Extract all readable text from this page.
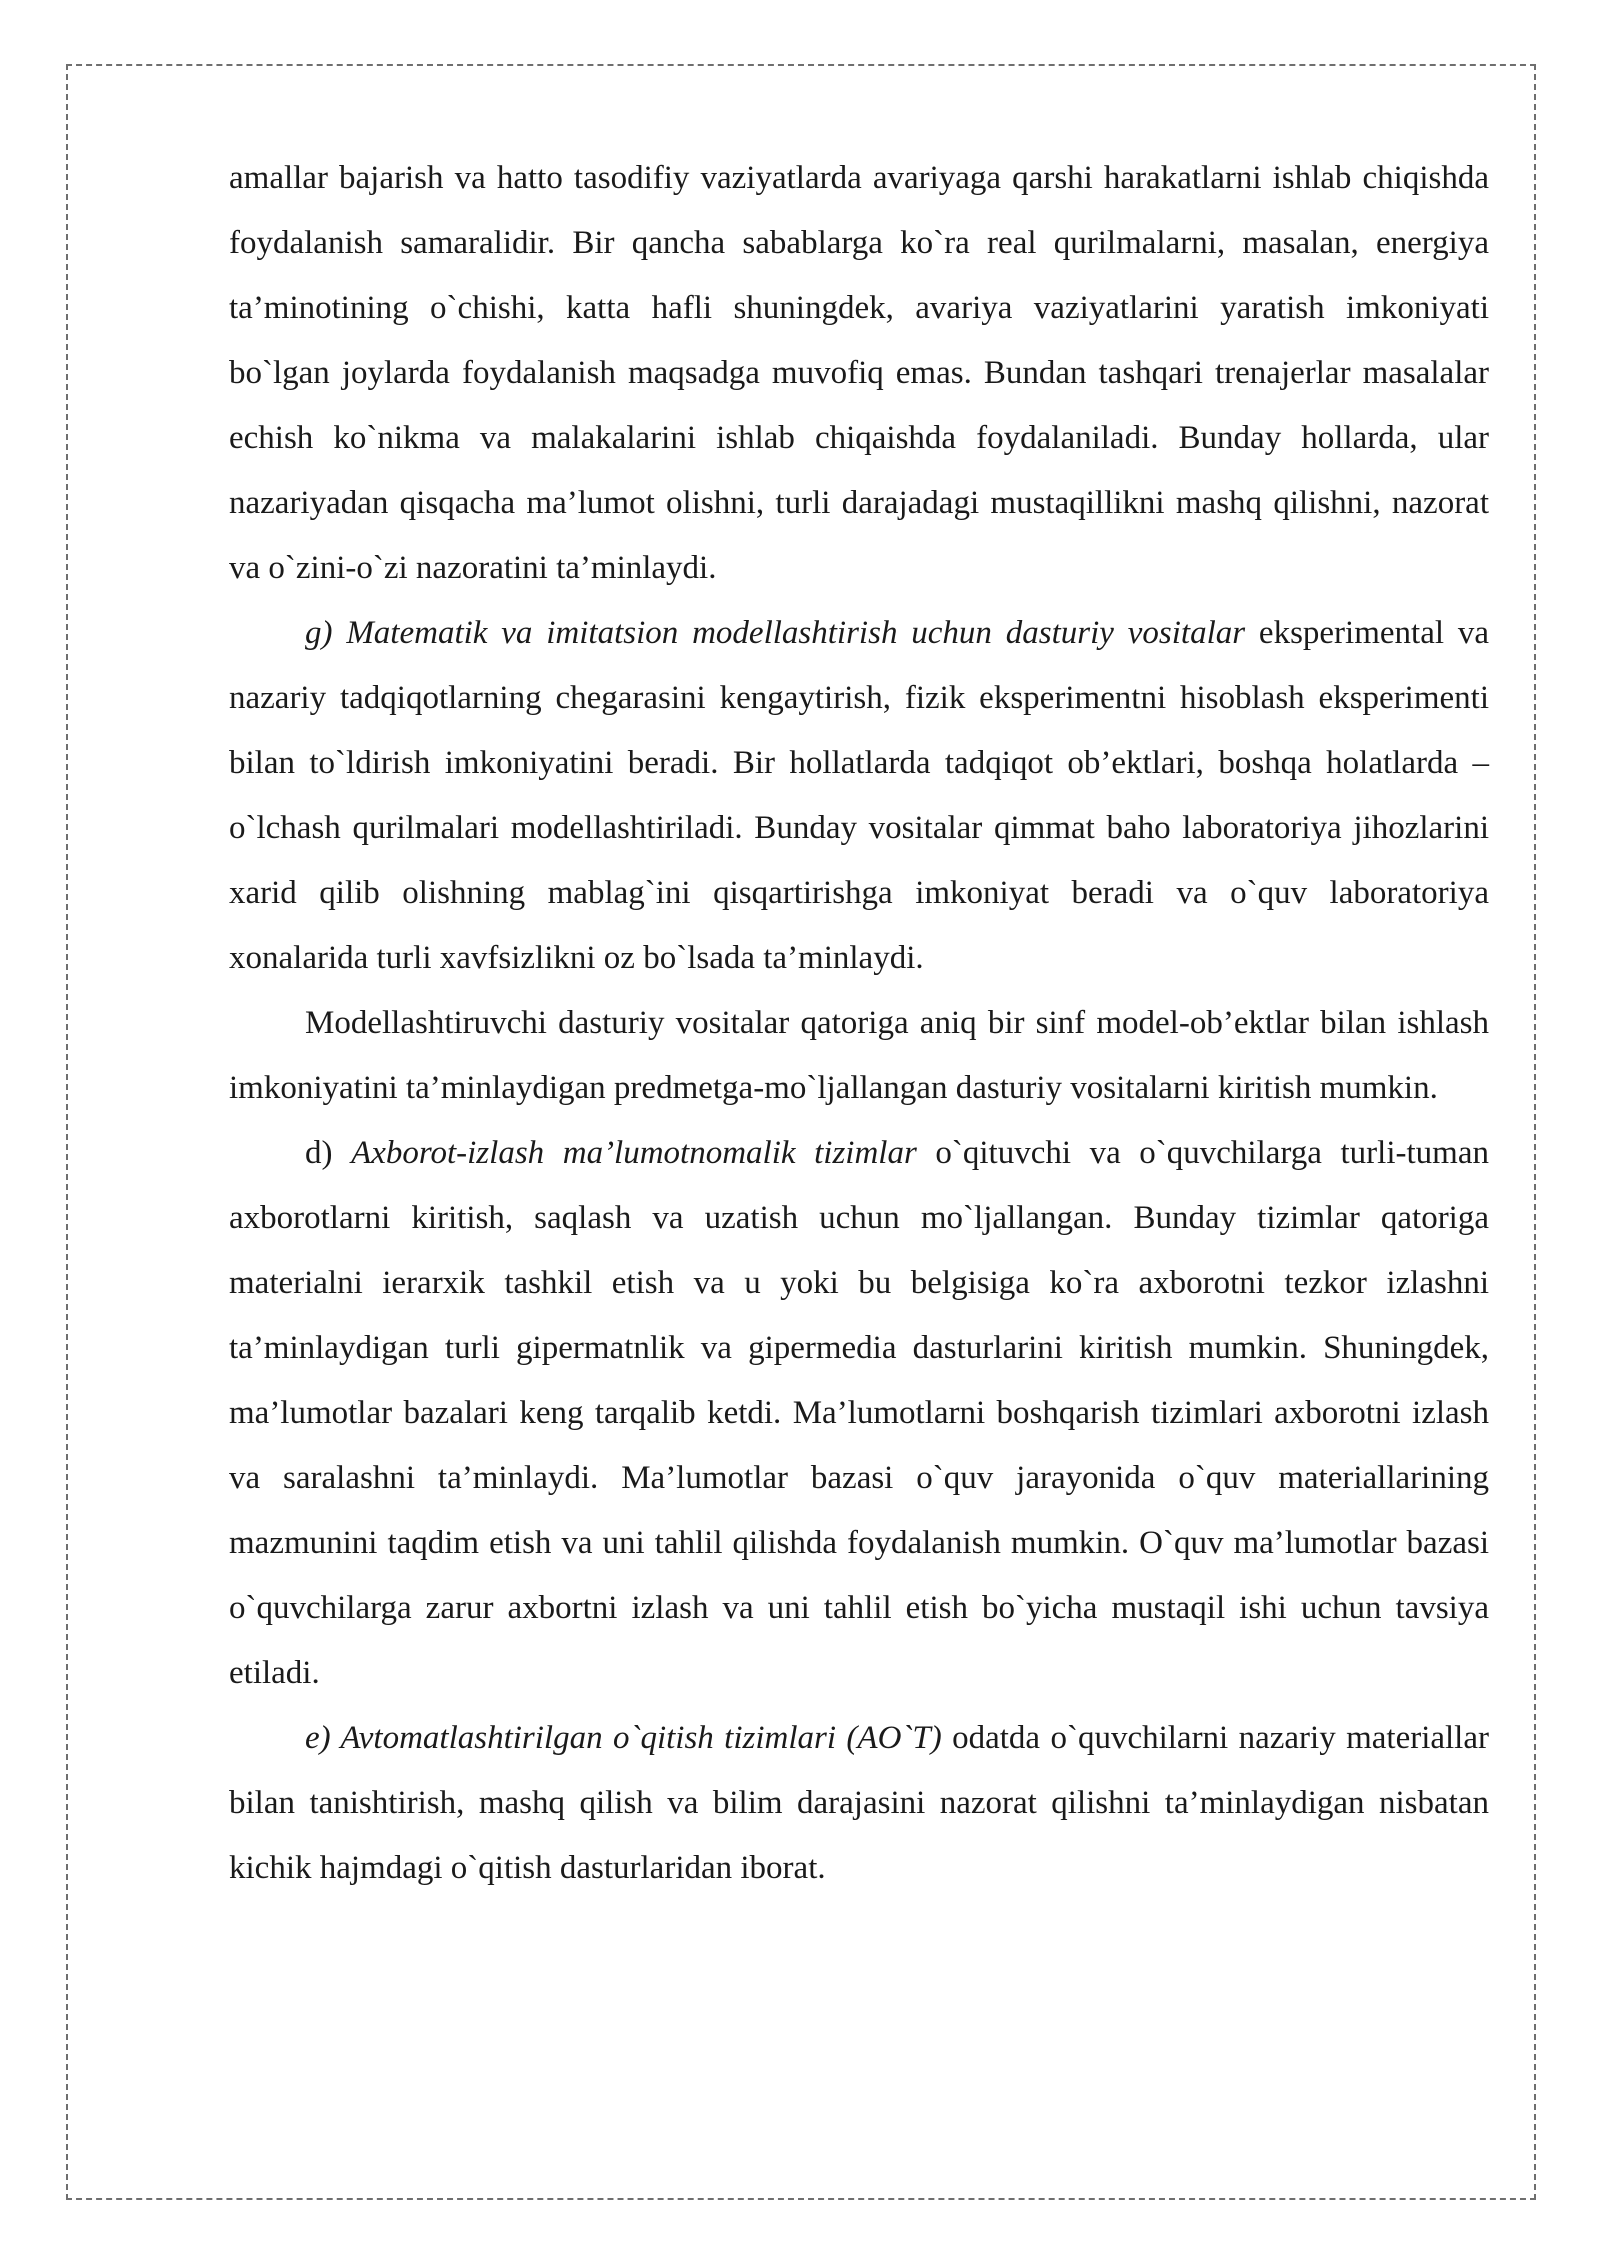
amallar bajarish va hatto tasodifiy vaziyatlarda avariyaga qarshi harakatlarni ishlab chiqishda foydalanish samaralidir. Bir qancha sabablarga ko`ra real qurilmalarni, masalan, energiya ta’minotining o`chishi, katta hafli shuningdek, avariya vaziyatlarini yaratish imkoniyati bo`lgan joylarda foydalanish maqsadga muvofiq emas. Bundan tashqari trenajerlar masalalar echish ko`nikma va malakalarini ishlab chiqaishda foydalaniladi. Bunday hollarda, ular nazariyadan qisqacha ma’lumot olishni, turli darajadagi mustaqillikni mashq qilishni, nazorat va o`zini-o`zi nazoratini ta’minlaydi.

g) Matematik va imitatsion modellashtirish uchun dasturiy vositalar eksperimental va nazariy tadqiqotlarning chegarasini kengaytirish, fizik eksperimentni hisoblash eksperimenti bilan to`ldirish imkoniyatini beradi. Bir hollatlarda tadqiqot ob’ektlari, boshqa holatlarda – o`lchash qurilmalari modellashtiriladi. Bunday vositalar qimmat baho laboratoriya jihozlarini xarid qilib olishning mablag`ini qisqartirishga imkoniyat beradi va o`quv laboratoriya xonalarida turli xavfsizlikni oz bo`lsada ta’minlaydi.

Modellashtiruvchi dasturiy vositalar qatoriga aniq bir sinf model-ob’ektlar bilan ishlash imkoniyatini ta’minlaydigan predmetga-mo`ljallangan dasturiy vositalarni kiritish mumkin.

d) Axborot-izlash ma’lumotnomalik tizimlar o`qituvchi va o`quvchilarga turli-tuman axborotlarni kiritish, saqlash va uzatish uchun mo`ljallangan. Bunday tizimlar qatoriga materialni ierarxik tashkil etish va u yoki bu belgisiga ko`ra axborotni tezkor izlashni ta’minlaydigan turli gipermatnlik va gipermedia dasturlarini kiritish mumkin. Shuningdek, ma’lumotlar bazalari keng tarqalib ketdi. Ma’lumotlarni boshqarish tizimlari axborotni izlash va saralashni ta’minlaydi. Ma’lumotlar bazasi o`quv jarayonida o`quv materiallarining mazmunini taqdim etish va uni tahlil qilishda foydalanish mumkin. O`quv ma’lumotlar bazasi o`quvchilarga zarur axbortni izlash va uni tahlil etish bo`yicha mustaqil ishi uchun tavsiya etiladi.

e) Avtomatlashtirilgan o`qitish tizimlari (AO`T) odatda o`quvchilarni nazariy materiallar bilan tanishtirish, mashq qilish va bilim darajasini nazorat qilishni ta’minlaydigan nisbatan kichik hajmdagi o`qitish dasturlaridan iborat.
